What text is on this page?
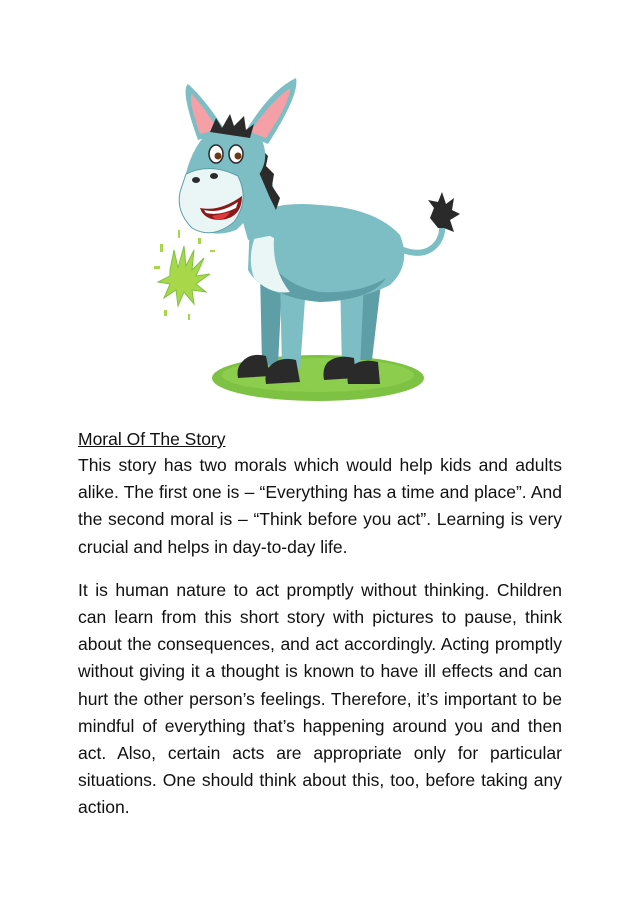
Moral Of The Story

This story has two morals which would help kids and adults alike. The first one is – “Everything has a time and place”. And the second moral is – “Think before you act”. Learning is very crucial and helps in day-to-day life.

It is human nature to act promptly without thinking. Children can learn from this short story with pictures to pause, think about the consequences, and act accordingly. Acting promptly without giving it a thought is known to have ill effects and can hurt the other person’s feelings. Therefore, it’s important to be mindful of everything that’s happening around you and then act. Also, certain acts are appropriate only for particular situations. One should think about this, too, before taking any action.
